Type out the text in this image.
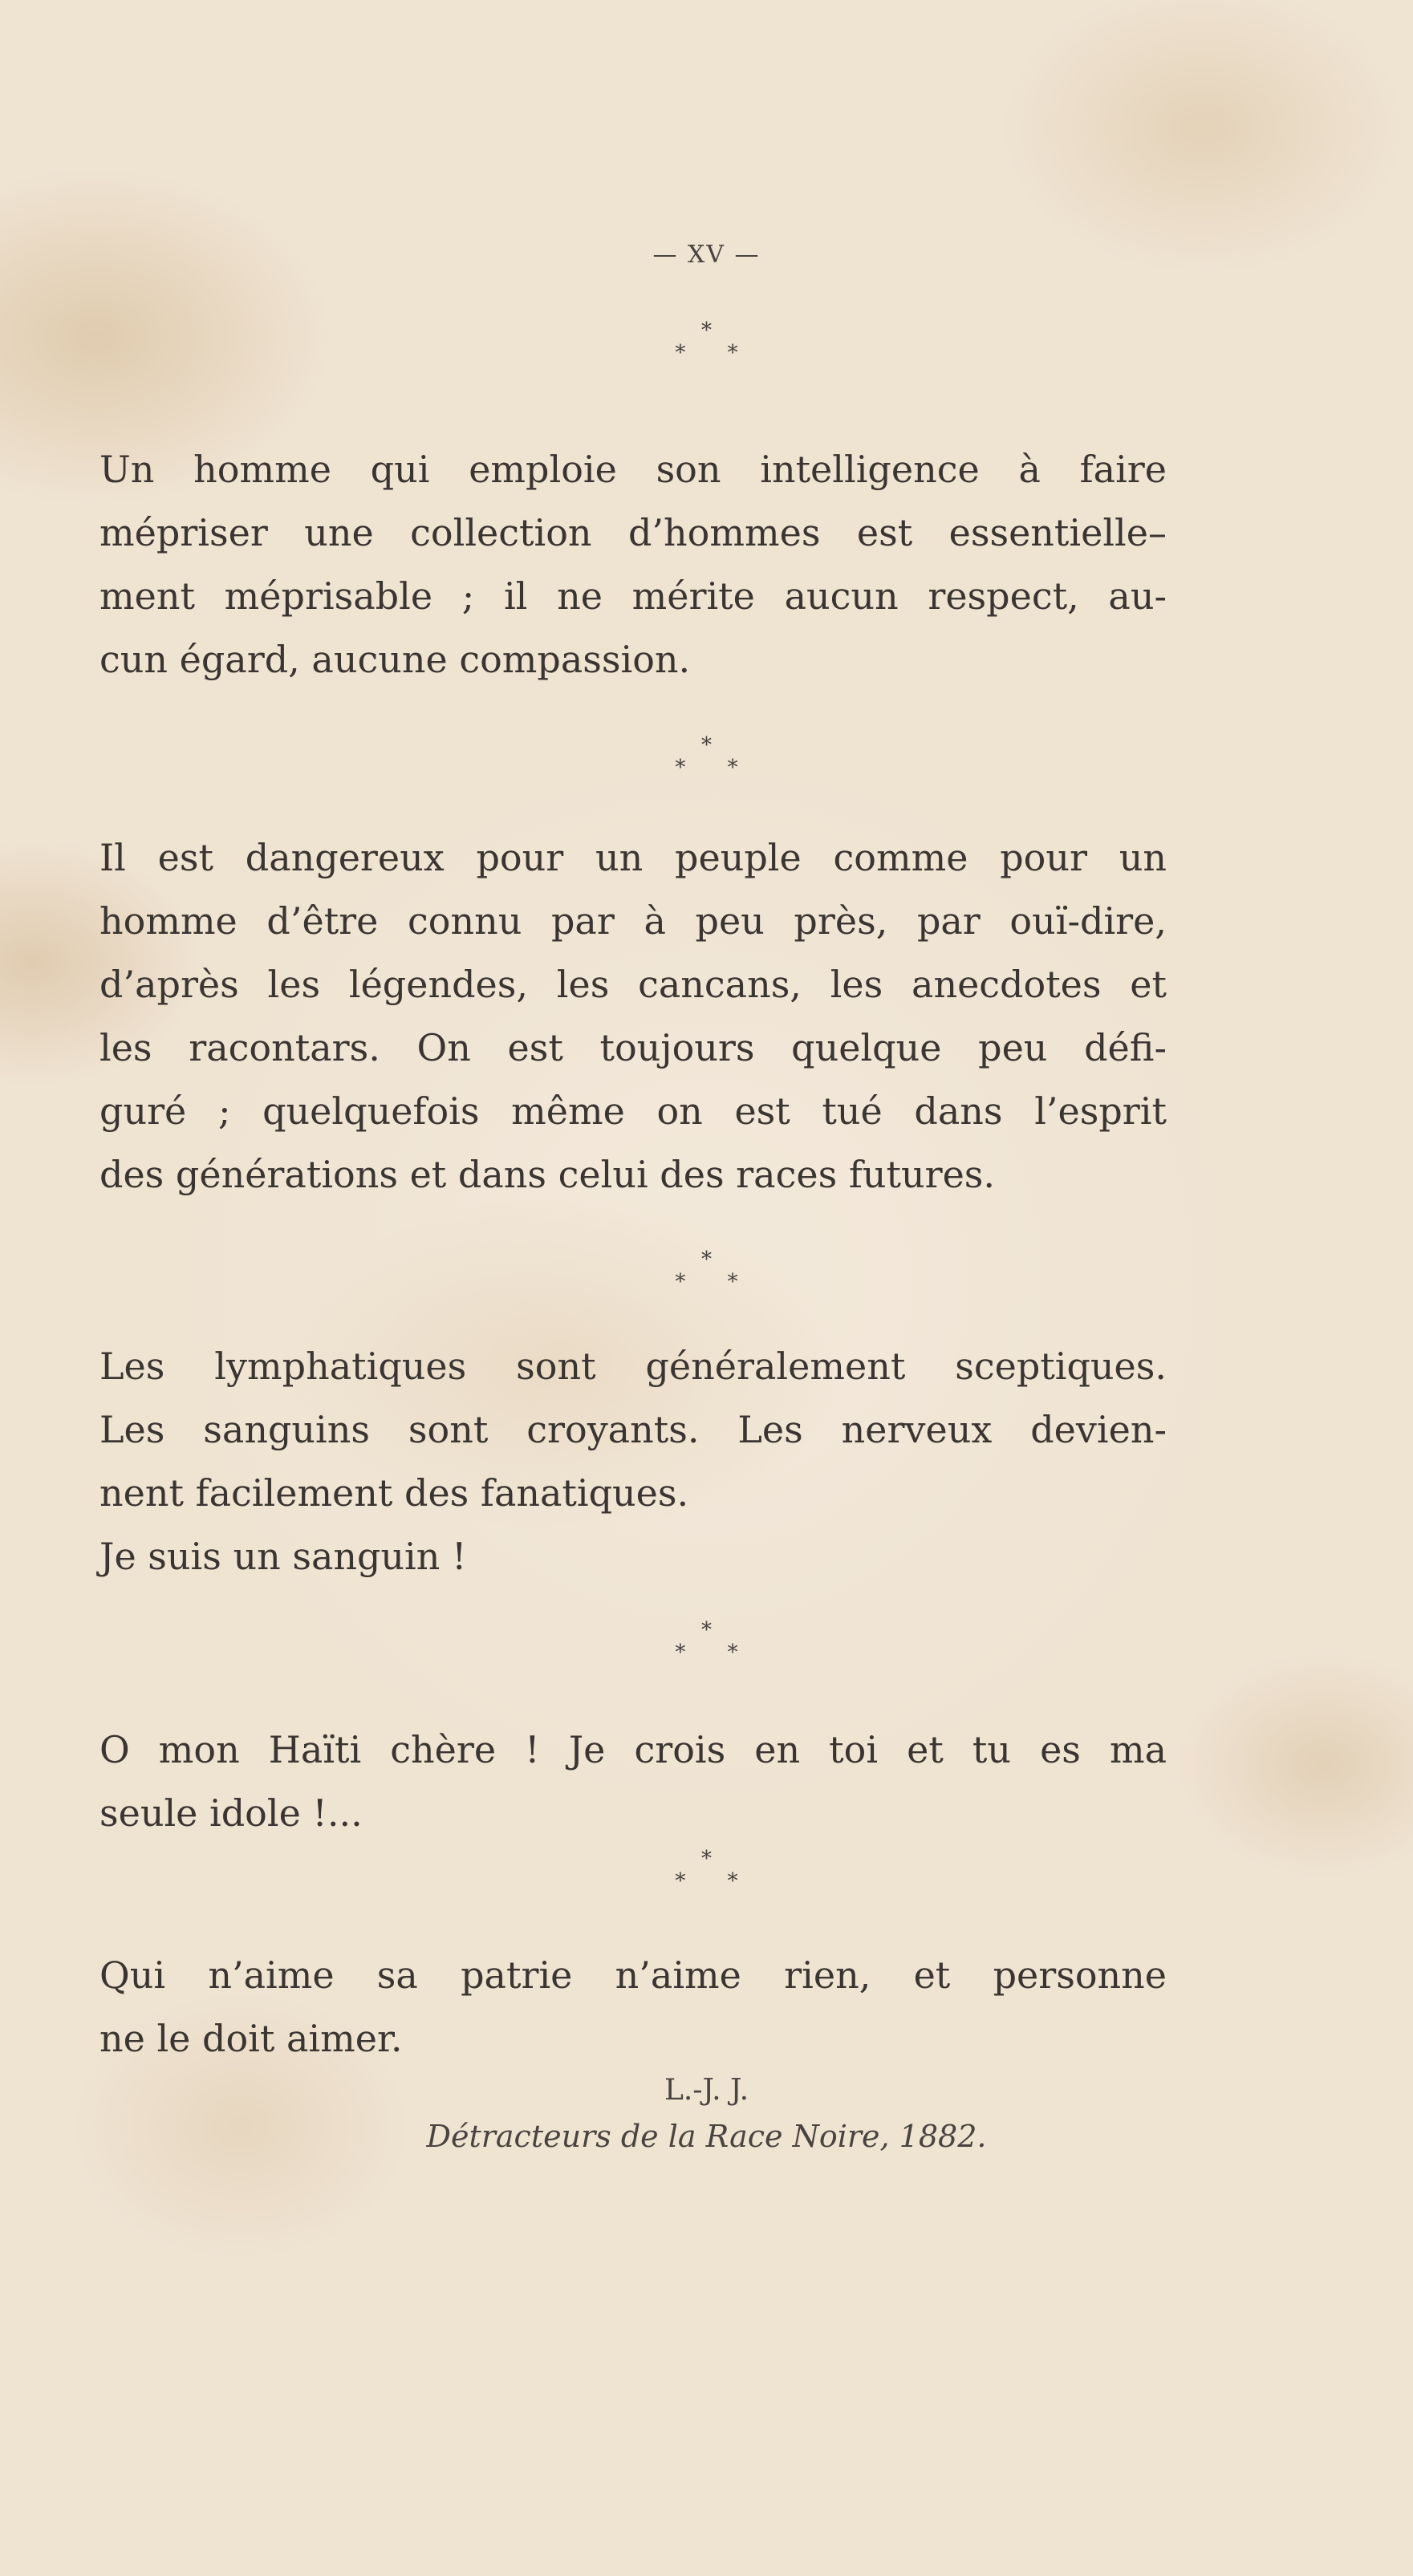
— XV —
*
* *
Un homme qui emploie son intelligence à faire
mépriser une collection d’hommes est essentielle–
ment méprisable ; il ne mérite aucun respect, au-
cun égard, aucune compassion.
*
* *
Il est dangereux pour un peuple comme pour un
homme d’être connu par à peu près, par ouï-dire,
d’après les légendes, les cancans, les anecdotes et
les racontars. On est toujours quelque peu défi-
guré ; quelquefois même on est tué dans l’esprit
des générations et dans celui des races futures.
*
* *
Les lymphatiques sont généralement sceptiques.
Les sanguins sont croyants. Les nerveux devien-
nent facilement des fanatiques.
Je suis un sanguin !
*
* *
O mon Haïti chère ! Je crois en toi et tu es ma
seule idole !...
*
* *
Qui n’aime sa patrie n’aime rien, et personne
ne le doit aimer.
L.-J. J.
Détracteurs de la Race Noire, 1882.
